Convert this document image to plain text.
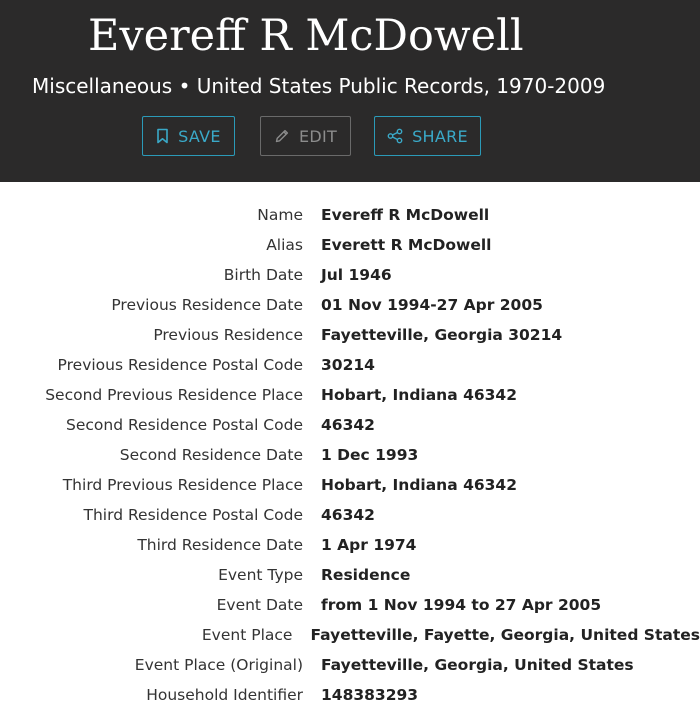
Evereff R McDowell
Miscellaneous • United States Public Records, 1970-2009
SAVE	EDIT	SHARE
Name Evereff R McDowell
Alias Everett R McDowell
Birth Date Jul 1946
Previous Residence Date 01 Nov 1994-27 Apr 2005
Previous Residence Fayetteville, Georgia 30214
Previous Residence Postal Code 30214
Second Previous Residence Place Hobart, Indiana 46342
Second Residence Postal Code 46342
Second Residence Date 1 Dec 1993
Third Previous Residence Place Hobart, Indiana 46342
Third Residence Postal Code 46342
Third Residence Date 1 Apr 1974
Event Type Residence
Event Date from 1 Nov 1994 to 27 Apr 2005
Event Place Fayetteville, Fayette, Georgia, United States
Event Place (Original) Fayetteville, Georgia, United States
Household Identifier 148383293
